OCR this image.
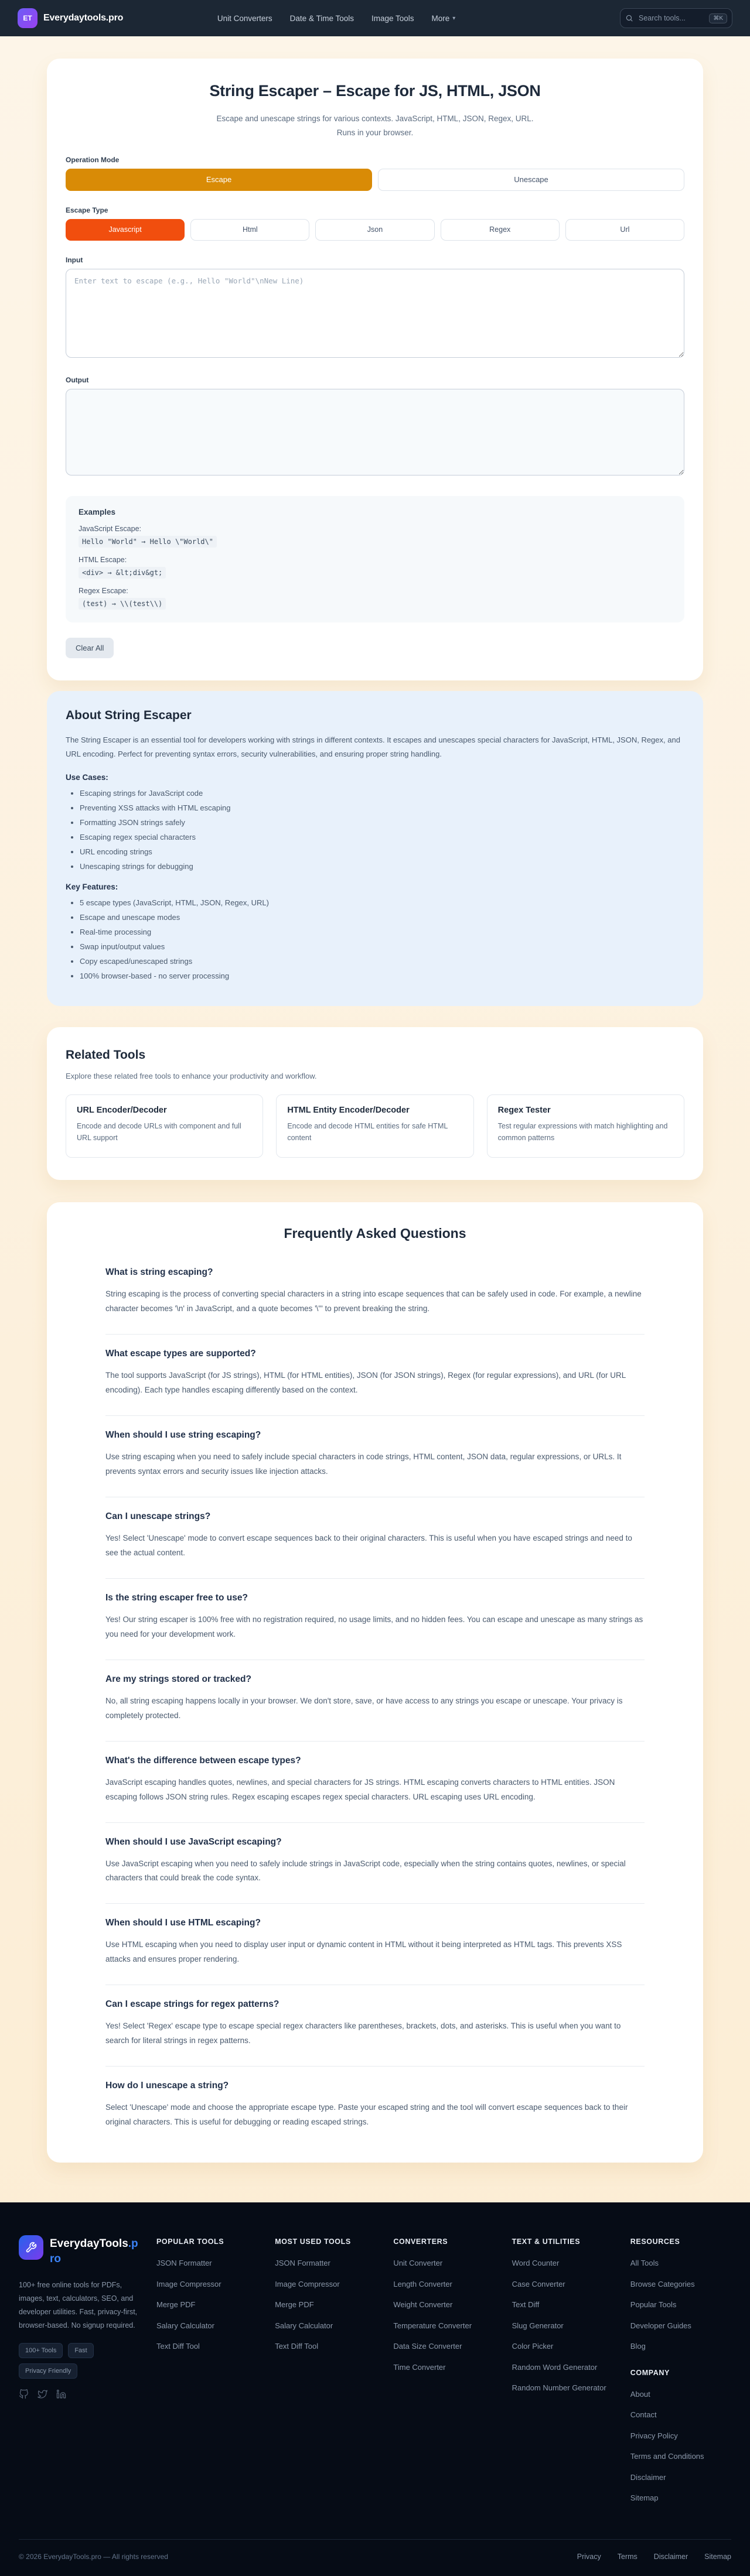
ET	Everydaytools.pro	Unit Converters Date & Time Tools Image Tools More ▾
Search tools...	⌘K
String Escaper – Escape for JS, HTML, JSON

Escape and unescape strings for various contexts. JavaScript, HTML, JSON, Regex, URL.
Runs in your browser.

Operation Mode
Escape	Unescape
Escape Type
Javascript	Html	Json	Regex	Url
Input
Enter text to escape (e.g., Hello "World"\nNew Line)
Output
Examples
JavaScript Escape:
Hello "World" → Hello \"World\"
HTML Escape:
<div> → &lt;div&gt;
Regex Escape:
(test) → \\(test\\)
Clear All
About String Escaper

The String Escaper is an essential tool for developers working with strings in different contexts. It escapes and unescapes special characters for JavaScript, HTML, JSON, Regex, and URL encoding. Perfect for preventing syntax errors, security vulnerabilities, and ensuring proper string handling.

Use Cases:
• Escaping strings for JavaScript code
• Preventing XSS attacks with HTML escaping
• Formatting JSON strings safely
• Escaping regex special characters
• URL encoding strings
• Unescaping strings for debugging
Key Features:
• 5 escape types (JavaScript, HTML, JSON, Regex, URL)
• Escape and unescape modes
• Real-time processing
• Swap input/output values
• Copy escaped/unescaped strings
• 100% browser-based - no server processing
Related Tools

Explore these related free tools to enhance your productivity and workflow.

URL Encoder/Decoder

Encode and decode URLs with component and full URL support

HTML Entity Encoder/Decoder

Encode and decode HTML entities for safe HTML content

Regex Tester

Test regular expressions with match highlighting and common patterns

Frequently Asked Questions
What is string escaping?

String escaping is the process of converting special characters in a string into escape sequences that can be safely used in code. For example, a newline character becomes '\n' in JavaScript, and a quote becomes '\"' to prevent breaking the string.

What escape types are supported?

The tool supports JavaScript (for JS strings), HTML (for HTML entities), JSON (for JSON strings), Regex (for regular expressions), and URL (for URL encoding). Each type handles escaping differently based on the context.

When should I use string escaping?

Use string escaping when you need to safely include special characters in code strings, HTML content, JSON data, regular expressions, or URLs. It prevents syntax errors and security issues like injection attacks.

Can I unescape strings?

Yes! Select 'Unescape' mode to convert escape sequences back to their original characters. This is useful when you have escaped strings and need to see the actual content.

Is the string escaper free to use?

Yes! Our string escaper is 100% free with no registration required, no usage limits, and no hidden fees. You can escape and unescape as many strings as you need for your development work.

Are my strings stored or tracked?

No, all string escaping happens locally in your browser. We don't store, save, or have access to any strings you escape or unescape. Your privacy is completely protected.

What's the difference between escape types?

JavaScript escaping handles quotes, newlines, and special characters for JS strings. HTML escaping converts characters to HTML entities. JSON escaping follows JSON string rules. Regex escaping escapes regex special characters. URL escaping uses URL encoding.

When should I use JavaScript escaping?

Use JavaScript escaping when you need to safely include strings in JavaScript code, especially when the string contains quotes, newlines, or special characters that could break the code syntax.

When should I use HTML escaping?

Use HTML escaping when you need to display user input or dynamic content in HTML without it being interpreted as HTML tags. This prevents XSS attacks and ensures proper rendering.

Can I escape strings for regex patterns?

Yes! Select 'Regex' escape type to escape special regex characters like parentheses, brackets, dots, and asterisks. This is useful when you want to search for literal strings in regex patterns.

How do I unescape a string?

Select 'Unescape' mode and choose the appropriate escape type. Paste your escaped string and the tool will convert escape sequences back to their original characters. This is useful for debugging or reading escaped strings.

EverydayTools.pro

100+ free online tools for PDFs, images, text, calculators, SEO, and developer utilities. Fast, privacy-first, browser-based. No signup required.

100+ Tools	Fast
Privacy Friendly
POPULAR TOOLS
JSON Formatter
Image Compressor
Merge PDF
Salary Calculator
Text Diff Tool
MOST USED TOOLS
JSON Formatter
Image Compressor
Merge PDF
Salary Calculator
Text Diff Tool
CONVERTERS
Unit Converter
Length Converter
Weight Converter
Temperature Converter
Data Size Converter
Time Converter
TEXT & UTILITIES
Word Counter
Case Converter
Text Diff
Slug Generator
Color Picker
Random Word Generator
Random Number Generator
RESOURCES
All Tools
Browse Categories
Popular Tools
Developer Guides
Blog
COMPANY
About
Contact
Privacy Policy
Terms and Conditions
Disclaimer
Sitemap
© 2026 EverydayTools.pro — All rights reserved	Privacy Terms Disclaimer Sitemap
